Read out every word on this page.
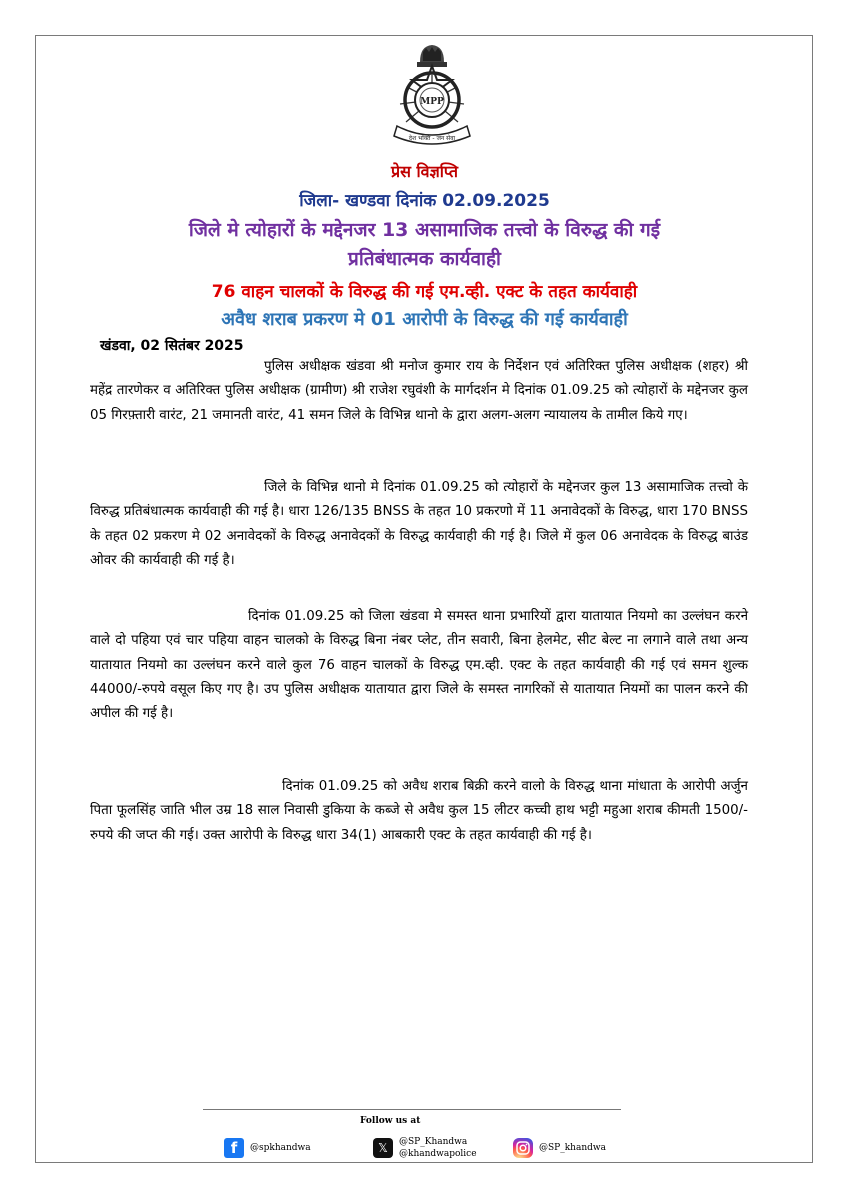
MPP
देश भक्ति - जन सेवा
प्रेस विज्ञप्ति
जिला- खण्डवा दिनांक 02.09.2025
जिले मे त्योहारों के मद्देनजर 13 असामाजिक तत्त्वो के विरुद्ध की गई
प्रतिबंधात्मक कार्यवाही
76 वाहन चालकों के विरुद्ध की गई एम.व्ही. एक्ट के तहत कार्यवाही
अवैध शराब प्रकरण मे 01 आरोपी के विरुद्ध की गई कार्यवाही
खंडवा, 02 सितंबर 2025
पुलिस अधीक्षक खंडवा श्री मनोज कुमार राय के निर्देशन एवं अतिरिक्त पुलिस अधीक्षक (शहर) श्री महेंद्र तारणेकर व अतिरिक्त पुलिस अधीक्षक (ग्रामीण) श्री राजेश रघुवंशी के मार्गदर्शन मे दिनांक 01.09.25 को त्योहारों के मद्देनजर कुल 05 गिरफ़्तारी वारंट, 21 जमानती वारंट, 41 समन जिले के विभिन्न थानो के द्वारा अलग-अलग न्यायालय के तामील किये गए।
जिले के विभिन्न थानो मे दिनांक 01.09.25 को त्योहारों के मद्देनजर कुल 13 असामाजिक तत्त्वो के विरुद्ध प्रतिबंधात्मक कार्यवाही की गई है। धारा 126/135 BNSS के तहत 10 प्रकरणो में 11 अनावेदकों के विरुद्ध, धारा 170 BNSS के तहत 02 प्रकरण मे 02 अनावेदकों के विरुद्ध अनावेदकों के विरुद्ध कार्यवाही की गई है। जिले में कुल 06 अनावेदक के विरुद्ध बाउंड ओवर की कार्यवाही की गई है।
दिनांक 01.09.25 को जिला खंडवा मे समस्त थाना प्रभारियों द्वारा यातायात नियमो का उल्लंघन करने वाले दो पहिया एवं चार पहिया वाहन चालको के विरुद्ध बिना नंबर प्लेट, तीन सवारी, बिना हेलमेट, सीट बेल्ट ना लगाने वाले तथा अन्य यातायात नियमो का उल्लंघन करने वाले कुल 76 वाहन चालकों के विरुद्ध एम.व्ही. एक्ट के तहत कार्यवाही की गई एवं समन शुल्क 44000/-रुपये वसूल किए गए है। उप पुलिस अधीक्षक यातायात द्वारा जिले के समस्त नागरिकों से यातायात नियमों का पालन करने की अपील की गई है।
दिनांक 01.09.25 को अवैध शराब बिक्री करने वालो के विरुद्ध थाना मांधाता के आरोपी अर्जुन पिता फूलसिंह जाति भील उम्र 18 साल निवासी डुकिया के कब्जे से अवैध कुल 15 लीटर कच्ची हाथ भट्टी महुआ शराब कीमती 1500/- रुपये की जप्त की गई। उक्त आरोपी के विरुद्ध धारा 34(1) आबकारी एक्ट के तहत कार्यवाही की गई है।
Follow us at
f	@spkhandwa	𝕏	@SP_Khandwa
@khandwapolice
@SP_khandwa
